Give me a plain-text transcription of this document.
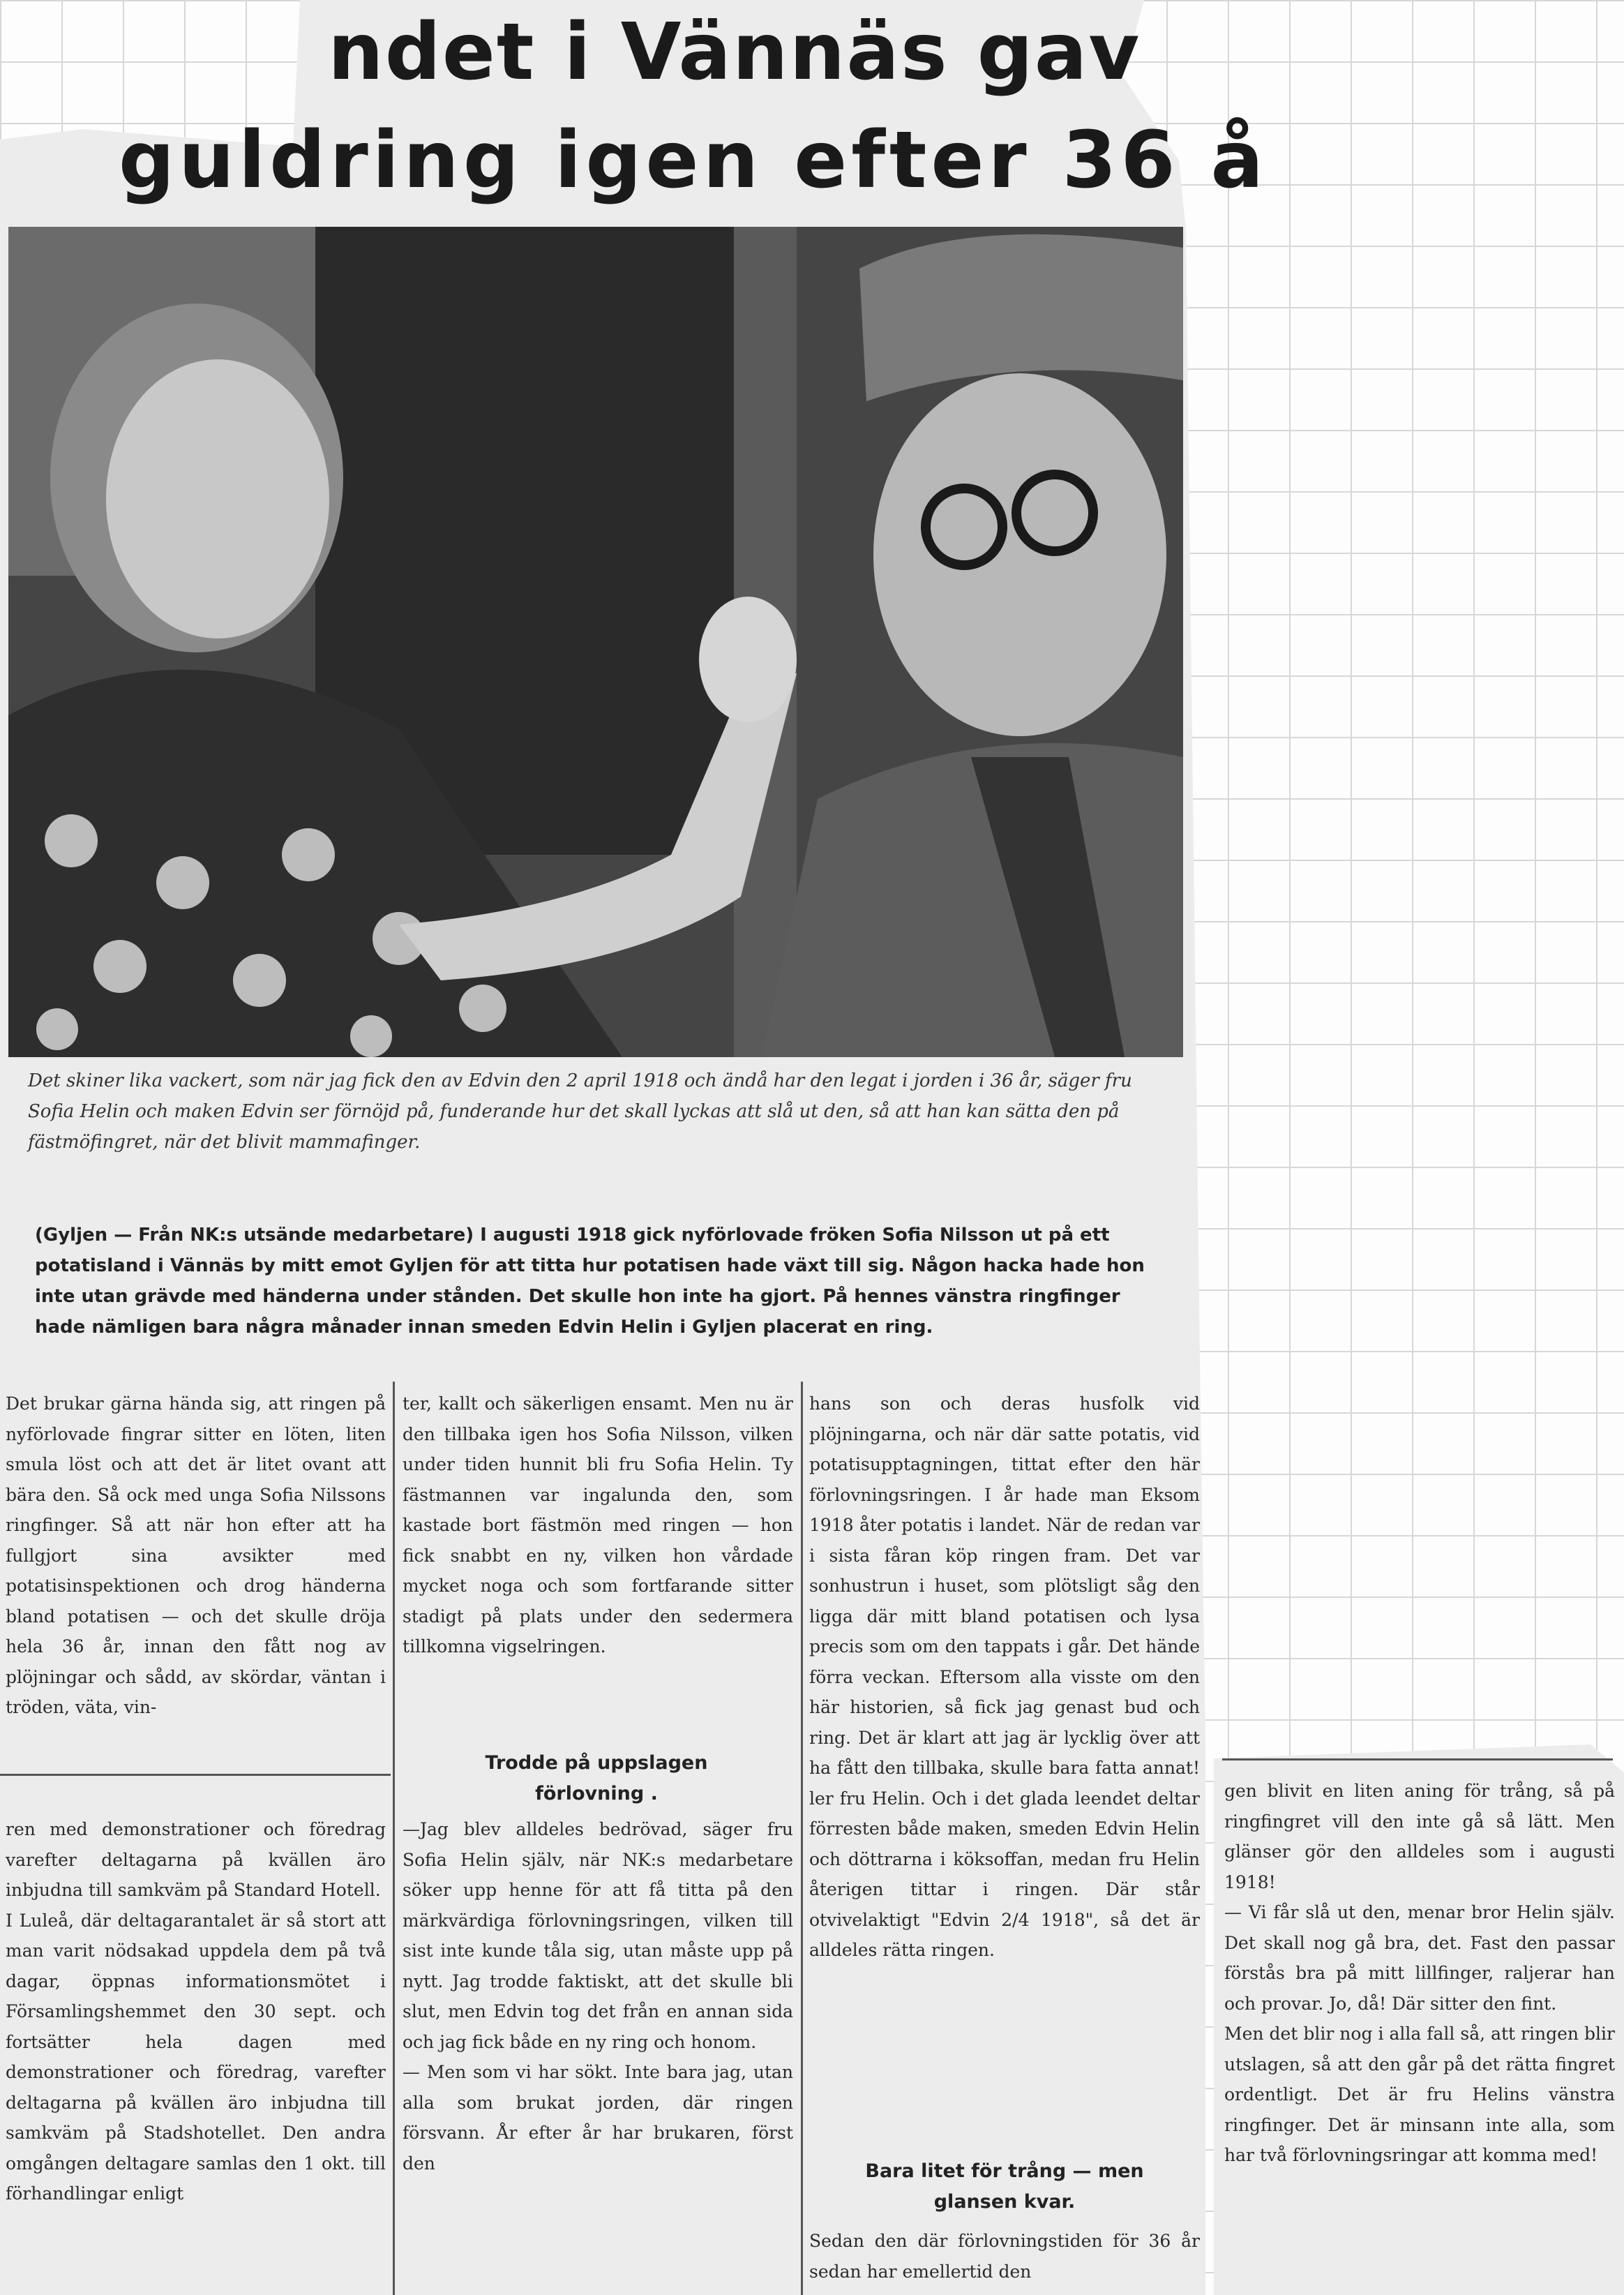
ndet i Vännäs gav
guldring igen efter 36 å
Det skiner lika vackert, som när jag fick den av Edvin den 2 april 1918 och ändå har den legat i jorden i 36 år, säger fru Sofia Helin och maken Edvin ser förnöjd på, funderande hur det skall lyckas att slå ut den, så att han kan sätta den på fästmöfingret, när det blivit mammafinger.
(Gyljen — Från NK:s utsände medarbetare) I augusti 1918 gick nyförlovade fröken Sofia Nilsson ut på ett potatisland i Vännäs by mitt emot Gyljen för att titta hur potatisen hade växt till sig. Någon hacka hade hon inte utan grävde med händerna under stånden. Det skulle hon inte ha gjort. På hennes vänstra ringfinger hade nämligen bara några månader innan smeden Edvin Helin i Gyljen placerat en ring.
Det brukar gärna hända sig, att ringen på nyförlovade fingrar sitter en löten, liten smula löst och att det är litet ovant att bära den. Så ock med unga Sofia Nilssons ringfinger. Så att när hon efter att ha fullgjort sina avsikter med potatisinspektionen och drog händerna bland potatisen — och det skulle dröja hela 36 år, innan den fått nog av plöjningar och sådd, av skördar, väntan i tröden, väta, vin-
ren med demonstrationer och föredrag varefter deltagarna på kvällen äro inbjudna till samkväm på Standard Hotell.
I Luleå, där deltagarantalet är så stort att man varit nödsakad uppdela dem på två dagar, öppnas informationsmötet i Församlingshemmet den 30 sept. och fortsätter hela dagen med demonstrationer och föredrag, varefter deltagarna på kvällen äro inbjudna till samkväm på Stadshotellet. Den andra omgången deltagare samlas den 1 okt. till förhandlingar enligt
ter, kallt och säkerligen ensamt. Men nu är den tillbaka igen hos Sofia Nilsson, vilken under tiden hunnit bli fru Sofia Helin. Ty fästmannen var ingalunda den, som kastade bort fästmön med ringen — hon fick snabbt en ny, vilken hon vårdade mycket noga och som fortfarande sitter stadigt på plats under den sedermera tillkomna vigselringen.
Trodde på uppslagen förlovning .
—Jag blev alldeles bedrövad, säger fru Sofia Helin själv, när NK:s medarbetare söker upp henne för att få titta på den märkvärdiga förlovningsringen, vilken till sist inte kunde tåla sig, utan måste upp på nytt. Jag trodde faktiskt, att det skulle bli slut, men Edvin tog det från en annan sida och jag fick både en ny ring och honom.
— Men som vi har sökt. Inte bara jag, utan alla som brukat jorden, där ringen försvann. År efter år har brukaren, först den
hans son och deras husfolk vid plöjningarna, och när där satte potatis, vid potatisupptagningen, tittat efter den här förlovningsringen. I år hade man Eksom 1918 åter potatis i landet. När de redan var i sista fåran köp ringen fram. Det var sonhustrun i huset, som plötsligt såg den ligga där mitt bland potatisen och lysa precis som om den tappats i går. Det hände förra veckan. Eftersom alla visste om den här historien, så fick jag genast bud och ring. Det är klart att jag är lycklig över att ha fått den tillbaka, skulle bara fatta annat! ler fru Helin. Och i det glada leendet deltar förresten både maken, smeden Edvin Helin och döttrarna i köksoffan, medan fru Helin återigen tittar i ringen. Där står otvivelaktigt "Edvin 2/4 1918", så det är alldeles rätta ringen.
Bara litet för trång — men glansen kvar.
Sedan den där förlovningstiden för 36 år sedan har emellertid den
gen blivit en liten aning för trång, så på ringfingret vill den inte gå så lätt. Men glänser gör den alldeles som i augusti 1918!
— Vi får slå ut den, menar bror Helin själv. Det skall nog gå bra, det. Fast den passar förstås bra på mitt lillfinger, raljerar han och provar. Jo, då! Där sitter den fint.
Men det blir nog i alla fall så, att ringen blir utslagen, så att den går på det rätta fingret ordentligt. Det är fru Helins vänstra ringfinger. Det är minsann inte alla, som har två förlovningsringar att komma med!
